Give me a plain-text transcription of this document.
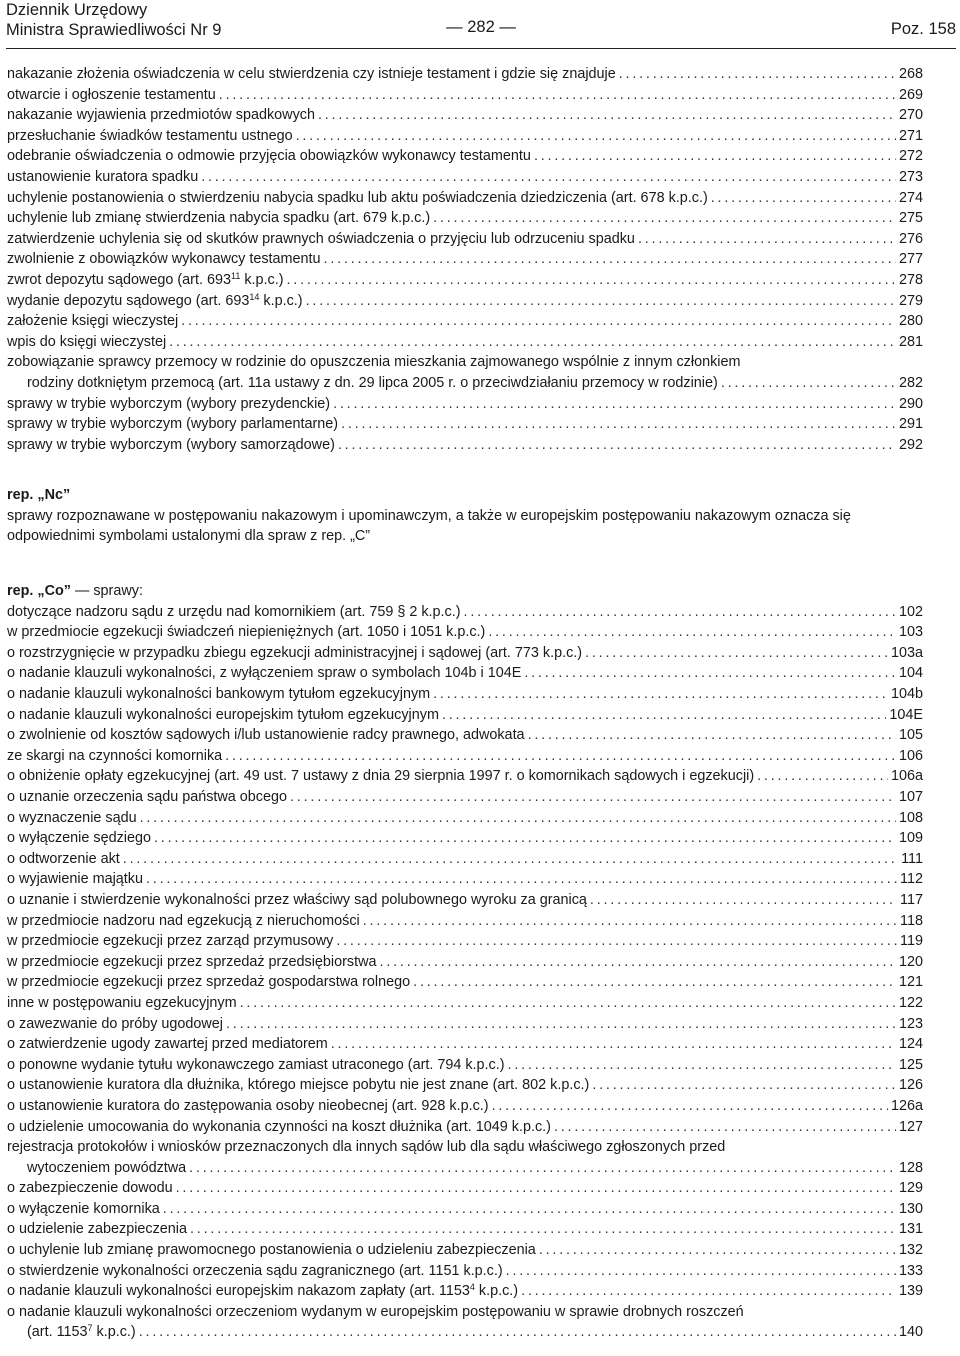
Dziennik Urzędowy
Ministra Sprawiedliwości Nr 9	— 282 —	Poz. 158
nakazanie złożenia oświadczenia w celu stwierdzenia czy istnieje testament i gdzie się znajduje . . .	268
otwarcie i ogłoszenie testamentu . . .	269
nakazanie wyjawienia przedmiotów spadkowych . . .	270
przesłuchanie świadków testamentu ustnego . . .	271
odebranie oświadczenia o odmowie przyjęcia obowiązków wykonawcy testamentu . . .	272
ustanowienie kuratora spadku . . .	273
uchylenie postanowienia o stwierdzeniu nabycia spadku lub aktu poświadczenia dziedziczenia (art. 678 k.p.c.) . . .	274
uchylenie lub zmianę stwierdzenia nabycia spadku (art. 679 k.p.c.) . . .	275
zatwierdzenie uchylenia się od skutków prawnych oświadczenia o przyjęciu lub odrzuceniu spadku . . .	276
zwolnienie z obowiązków wykonawcy testamentu . . .	277
zwrot depozytu sądowego (art. $693^{11}$ k.p.c.) . . .	278
wydanie depozytu sądowego (art. $693^{14}$ k.p.c.) . . .	279
założenie księgi wieczystej . . .	280
wpis do księgi wieczystej . . .	281
zobowiązanie sprawcy przemocy w rodzinie do opuszczenia mieszkania zajmowanego wspólnie z innym członkiem
rodziny dotkniętym przemocą (art. 11a ustawy z dn. 29 lipca 2005 r. o przeciwdziałaniu przemocy w rodzinie) . . .	282
sprawy w trybie wyborczym (wybory prezydenckie) . . .	290
sprawy w trybie wyborczym (wybory parlamentarne) . . .	291
sprawy w trybie wyborczym (wybory samorządowe) . . .	292
rep. „Nc”
sprawy rozpoznawane w postępowaniu nakazowym i upominawczym, a także w europejskim postępowaniu nakazowym oznacza się odpowiednimi symbolami ustalonymi dla spraw z rep. „C”
rep. „Co” — sprawy:
dotyczące nadzoru sądu z urzędu nad komornikiem (art. 759 § 2 k.p.c.) . . .	102
w przedmiocie egzekucji świadczeń niepieniężnych (art. 1050 i 1051 k.p.c.) . . .	103
o rozstrzygnięcie w przypadku zbiegu egzekucji administracyjnej i sądowej (art. 773 k.p.c.) . . .	103a
o nadanie klauzuli wykonalności, z wyłączeniem spraw o symbolach 104b i 104E . . .	104
o nadanie klauzuli wykonalności bankowym tytułom egzekucyjnym . . .	104b
o nadanie klauzuli wykonalności europejskim tytułom egzekucyjnym . . .	104E
o zwolnienie od kosztów sądowych i/lub ustanowienie radcy prawnego, adwokata . . .	105
ze skargi na czynności komornika . . .	106
o obniżenie opłaty egzekucyjnej (art. 49 ust. 7 ustawy z dnia 29 sierpnia 1997 r. o komornikach sądowych i egzekucji) . . .	106a
o uznanie orzeczenia sądu państwa obcego . . .	107
o wyznaczenie sądu . . .	108
o wyłączenie sędziego . . .	109
o odtworzenie akt . . .	111
o wyjawienie majątku . . .	112
o uznanie i stwierdzenie wykonalności przez właściwy sąd polubownego wyroku za granicą . . .	117
w przedmiocie nadzoru nad egzekucją z nieruchomości . . .	118
w przedmiocie egzekucji przez zarząd przymusowy . . .	119
w przedmiocie egzekucji przez sprzedaż przedsiębiorstwa . . .	120
w przedmiocie egzekucji przez sprzedaż gospodarstwa rolnego . . .	121
inne w postępowaniu egzekucyjnym . . .	122
o zawezwanie do próby ugodowej . . .	123
o zatwierdzenie ugody zawartej przed mediatorem . . .	124
o ponowne wydanie tytułu wykonawczego zamiast utraconego (art. 794 k.p.c.) . . .	125
o ustanowienie kuratora dla dłużnika, którego miejsce pobytu nie jest znane (art. 802 k.p.c.) . . .	126
o ustanowienie kuratora do zastępowania osoby nieobecnej (art. 928 k.p.c.) . . .	126a
o udzielenie umocowania do wykonania czynności na koszt dłużnika (art. 1049 k.p.c.) . . .	127
rejestracja protokołów i wniosków przeznaczonych dla innych sądów lub dla sądu właściwego zgłoszonych przed
wytoczeniem powództwa . . .	128
o zabezpieczenie dowodu . . .	129
o wyłączenie komornika . . .	130
o udzielenie zabezpieczenia . . .	131
o uchylenie lub zmianę prawomocnego postanowienia o udzieleniu zabezpieczenia . . .	132
o stwierdzenie wykonalności orzeczenia sądu zagranicznego (art. 1151 k.p.c.) . . .	133
o nadanie klauzuli wykonalności europejskim nakazom zapłaty (art. 1153$^4$ k.p.c.) . . .	139
o nadanie klauzuli wykonalności orzeczeniom wydanym w europejskim postępowaniu w sprawie drobnych roszczeń
(art. 1153$^7$ k.p.c.) . . .	140
